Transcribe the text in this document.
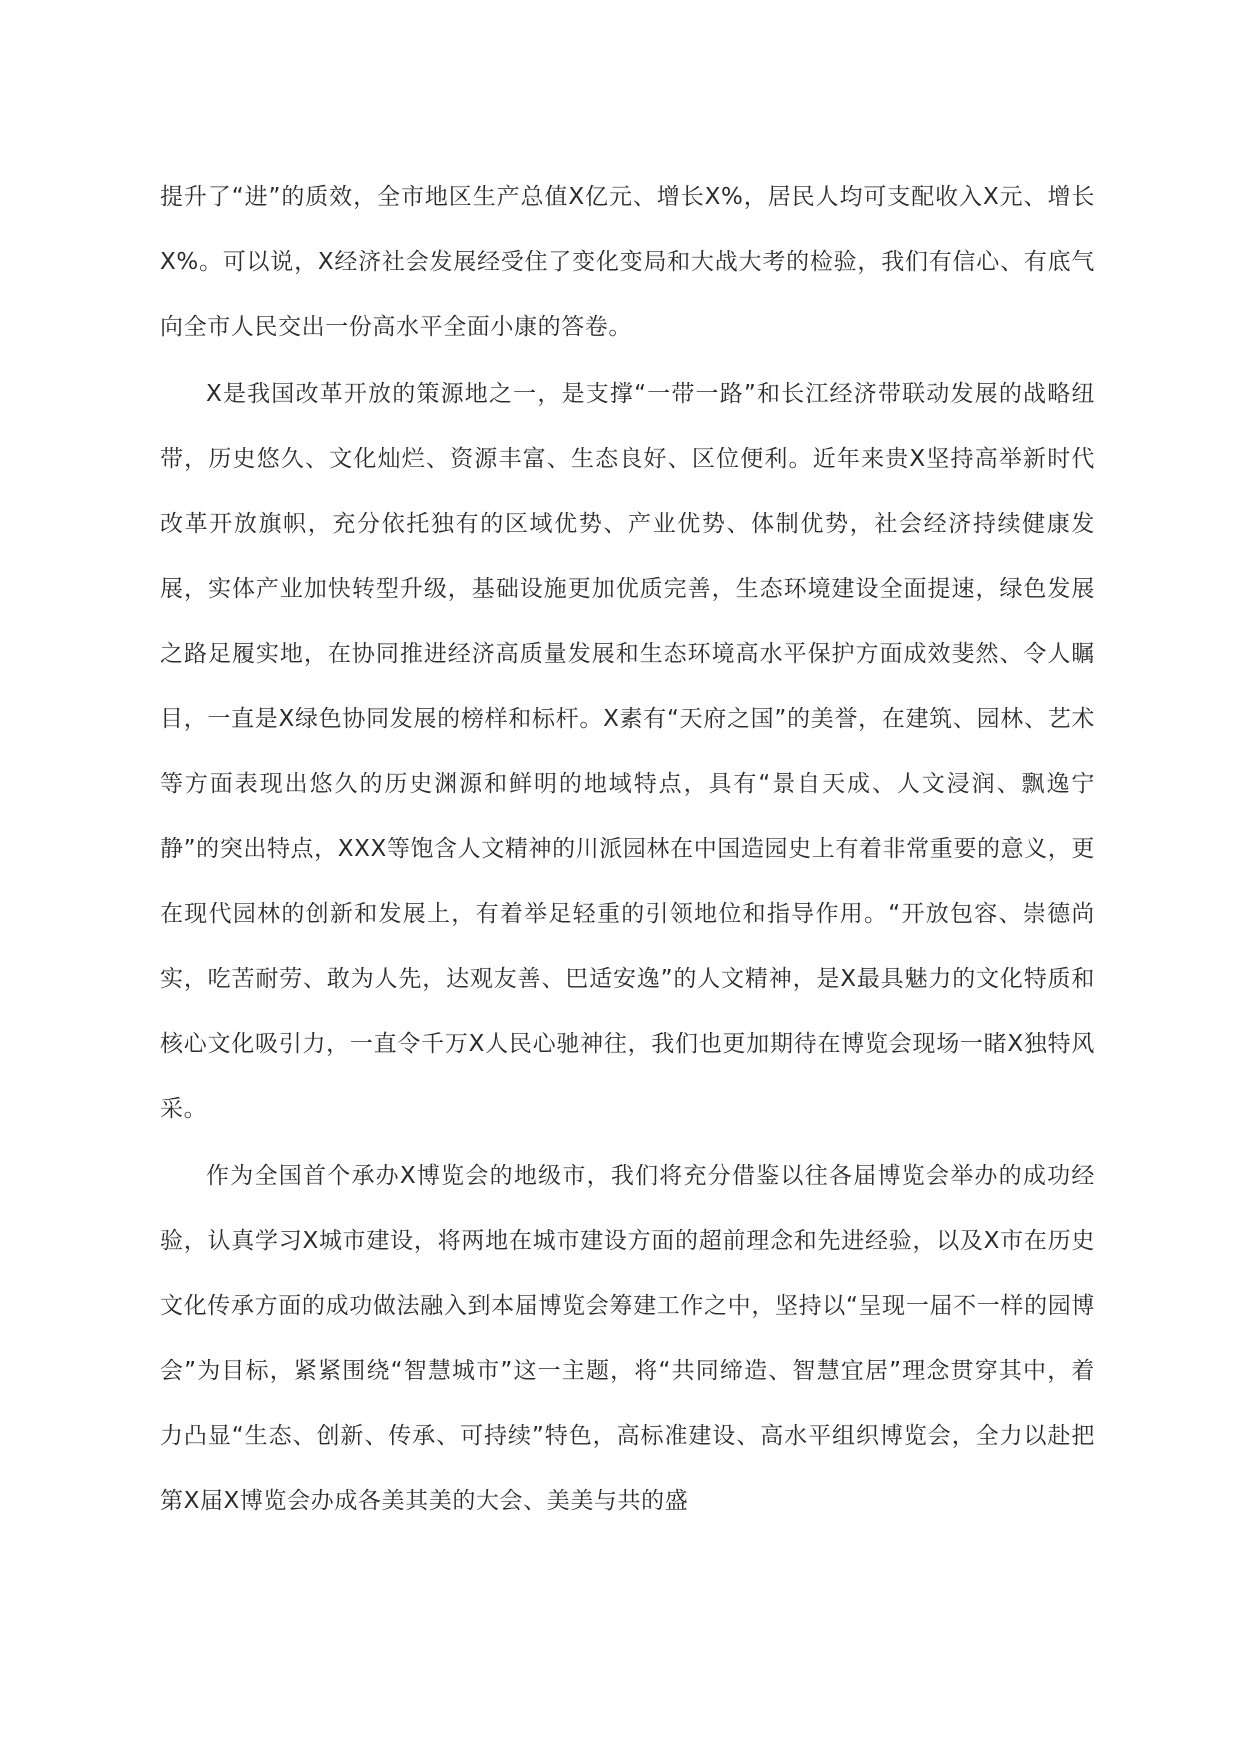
提升了“进”的质效，全市地区生产总值X亿元、增长X%，居民人均可支配收入X元、增长X%。可以说，X经济社会发展经受住了变化变局和大战大考的检验，我们有信心、有底气向全市人民交出一份高水平全面小康的答卷。

X是我国改革开放的策源地之一，是支撑“一带一路”和长江经济带联动发展的战略纽带，历史悠久、文化灿烂、资源丰富、生态良好、区位便利。近年来贵X坚持高举新时代改革开放旗帜，充分依托独有的区域优势、产业优势、体制优势，社会经济持续健康发展，实体产业加快转型升级，基础设施更加优质完善，生态环境建设全面提速，绿色发展之路足履实地，在协同推进经济高质量发展和生态环境高水平保护方面成效斐然、令人瞩目，一直是X绿色协同发展的榜样和标杆。X素有“天府之国”的美誉，在建筑、园林、艺术等方面表现出悠久的历史渊源和鲜明的地域特点，具有“景自天成、人文浸润、飘逸宁静”的突出特点，XXX等饱含人文精神的川派园林在中国造园史上有着非常重要的意义，更在现代园林的创新和发展上，有着举足轻重的引领地位和指导作用。“开放包容、崇德尚实，吃苦耐劳、敢为人先，达观友善、巴适安逸”的人文精神，是X最具魅力的文化特质和核心文化吸引力，一直令千万X人民心驰神往，我们也更加期待在博览会现场一睹X独特风采。

作为全国首个承办X博览会的地级市，我们将充分借鉴以往各届博览会举办的成功经验，认真学习X城市建设，将两地在城市建设方面的超前理念和先进经验，以及X市在历史文化传承方面的成功做法融入到本届博览会筹建工作之中，坚持以“呈现一届不一样的园博会”为目标，紧紧围绕“智慧城市”这一主题，将“共同缔造、智慧宜居”理念贯穿其中，着力凸显“生态、创新、传承、可持续”特色，高标准建设、高水平组织博览会，全力以赴把第X届X博览会办成各美其美的大会、美美与共的盛
